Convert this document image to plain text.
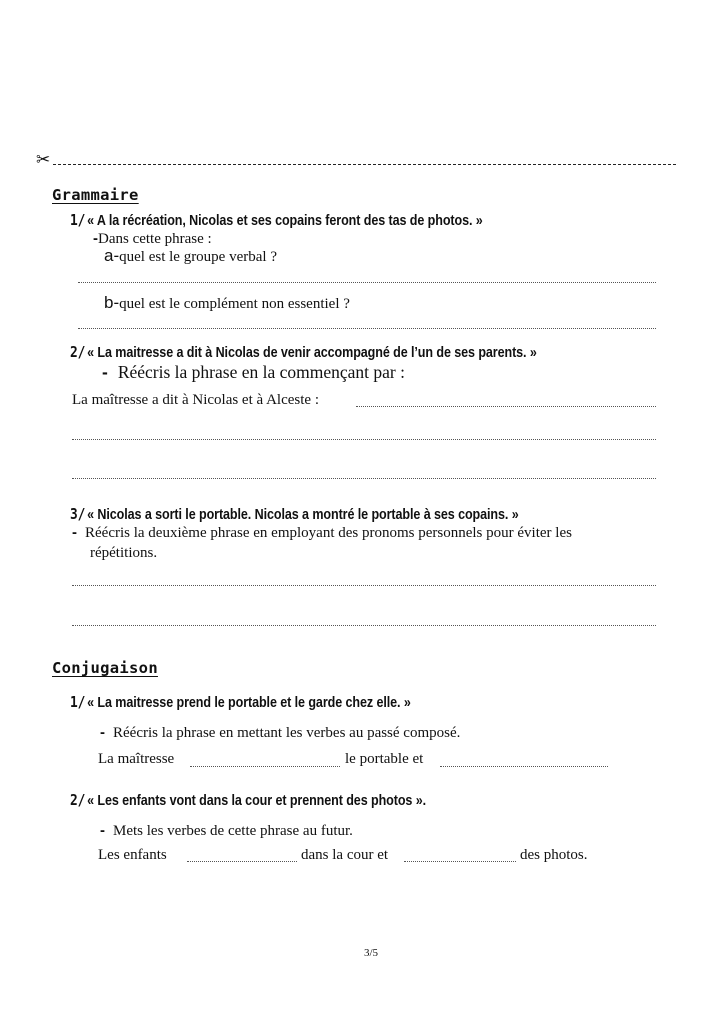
✂
Grammaire
1/ « A la récréation, Nicolas et ses copains feront des tas de photos. »
-Dans cette phrase :
a-quel est le groupe verbal ?
b-quel est le complément non essentiel ?
2/ « La maitresse a dit à Nicolas de venir accompagné de l’un de ses parents. »
- Réécris la phrase en la commençant par :
La maîtresse a dit à Nicolas et à Alceste :
3/ « Nicolas a sorti le portable. Nicolas a montré le portable à ses copains. »
- Réécris la deuxième phrase en employant des pronoms personnels pour éviter les
répétitions.
Conjugaison
1/ « La maitresse prend le portable et le garde chez elle. »
- Réécris la phrase en mettant les verbes au passé composé.
La maîtresse	le portable et
2/ « Les enfants vont dans la cour et prennent des photos ».
- Mets les verbes de cette phrase au futur.
Les enfants	dans la cour et	des photos.
3/5
